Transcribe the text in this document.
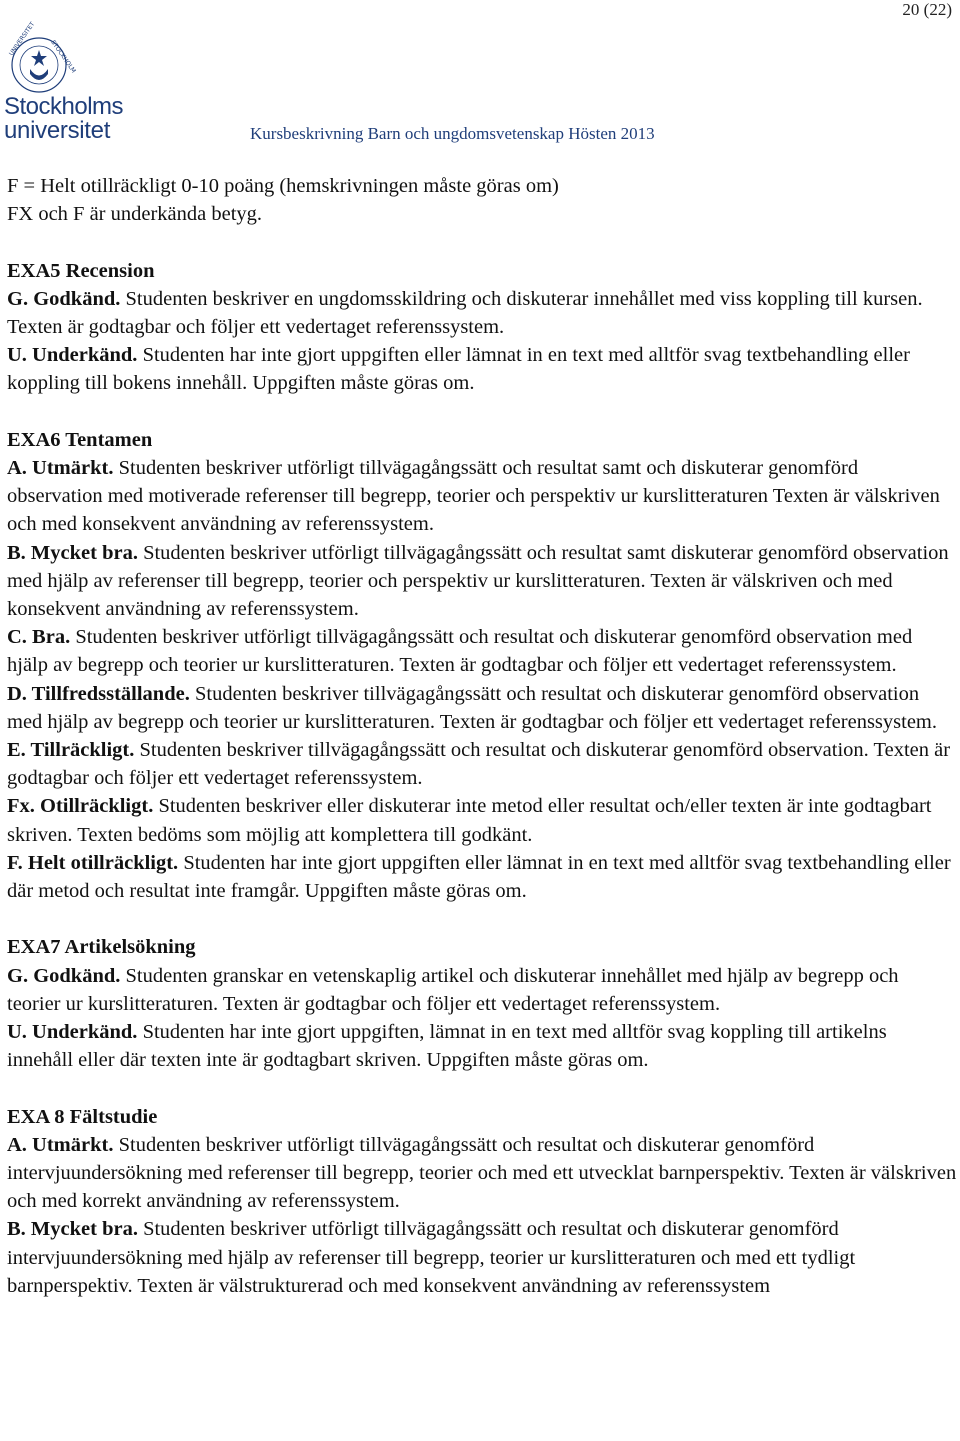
20 (22)
UNIVERSITET STOCKHOLM
Stockholms
universitet	Kursbeskrivning Barn och ungdomsvetenskap Hösten 2013

F = Helt otillräckligt 0-10 poäng (hemskrivningen måste göras om)

FX och F är underkända betyg.

EXA5 Recension

G. Godkänd. Studenten beskriver en ungdomsskildring och diskuterar innehållet med viss koppling till kursen. Texten är godtagbar och följer ett vedertaget referenssystem.

U. Underkänd. Studenten har inte gjort uppgiften eller lämnat in en text med alltför svag textbehandling eller koppling till bokens innehåll. Uppgiften måste göras om.

EXA6 Tentamen

A. Utmärkt. Studenten beskriver utförligt tillvägagångssätt och resultat samt och diskuterar genomförd observation med motiverade referenser till begrepp, teorier och perspektiv ur kurslitteraturen Texten är välskriven och med konsekvent användning av referenssystem.

B. Mycket bra. Studenten beskriver utförligt tillvägagångssätt och resultat samt diskuterar genomförd observation med hjälp av referenser till begrepp, teorier och perspektiv ur kurslitteraturen. Texten är välskriven och med konsekvent användning av referenssystem.

C. Bra. Studenten beskriver utförligt tillvägagångssätt och resultat och diskuterar genomförd observation med hjälp av begrepp och teorier ur kurslitteraturen. Texten är godtagbar och följer ett vedertaget referenssystem.

D. Tillfredsställande. Studenten beskriver tillvägagångssätt och resultat och diskuterar genomförd observation med hjälp av begrepp och teorier ur kurslitteraturen. Texten är godtagbar och följer ett vedertaget referenssystem.

E. Tillräckligt. Studenten beskriver tillvägagångssätt och resultat och diskuterar genomförd observation. Texten är godtagbar och följer ett vedertaget referenssystem.

Fx. Otillräckligt. Studenten beskriver eller diskuterar inte metod eller resultat och/eller texten är inte godtagbart skriven. Texten bedöms som möjlig att komplettera till godkänt.

F. Helt otillräckligt. Studenten har inte gjort uppgiften eller lämnat in en text med alltför svag textbehandling eller där metod och resultat inte framgår. Uppgiften måste göras om.

EXA7 Artikelsökning

G. Godkänd. Studenten granskar en vetenskaplig artikel och diskuterar innehållet med hjälp av begrepp och teorier ur kurslitteraturen. Texten är godtagbar och följer ett vedertaget referenssystem.

U. Underkänd. Studenten har inte gjort uppgiften, lämnat in en text med alltför svag koppling till artikelns innehåll eller där texten inte är godtagbart skriven. Uppgiften måste göras om.

EXA 8 Fältstudie

A. Utmärkt. Studenten beskriver utförligt tillvägagångssätt och resultat och diskuterar genomförd intervjuundersökning med referenser till begrepp, teorier och med ett utvecklat barnperspektiv. Texten är välskriven och med korrekt användning av referenssystem.

B. Mycket bra. Studenten beskriver utförligt tillvägagångssätt och resultat och diskuterar genomförd intervjuundersökning med hjälp av referenser till begrepp, teorier ur kurslitteraturen och med ett tydligt barnperspektiv. Texten är välstrukturerad och med konsekvent användning av referenssystem
